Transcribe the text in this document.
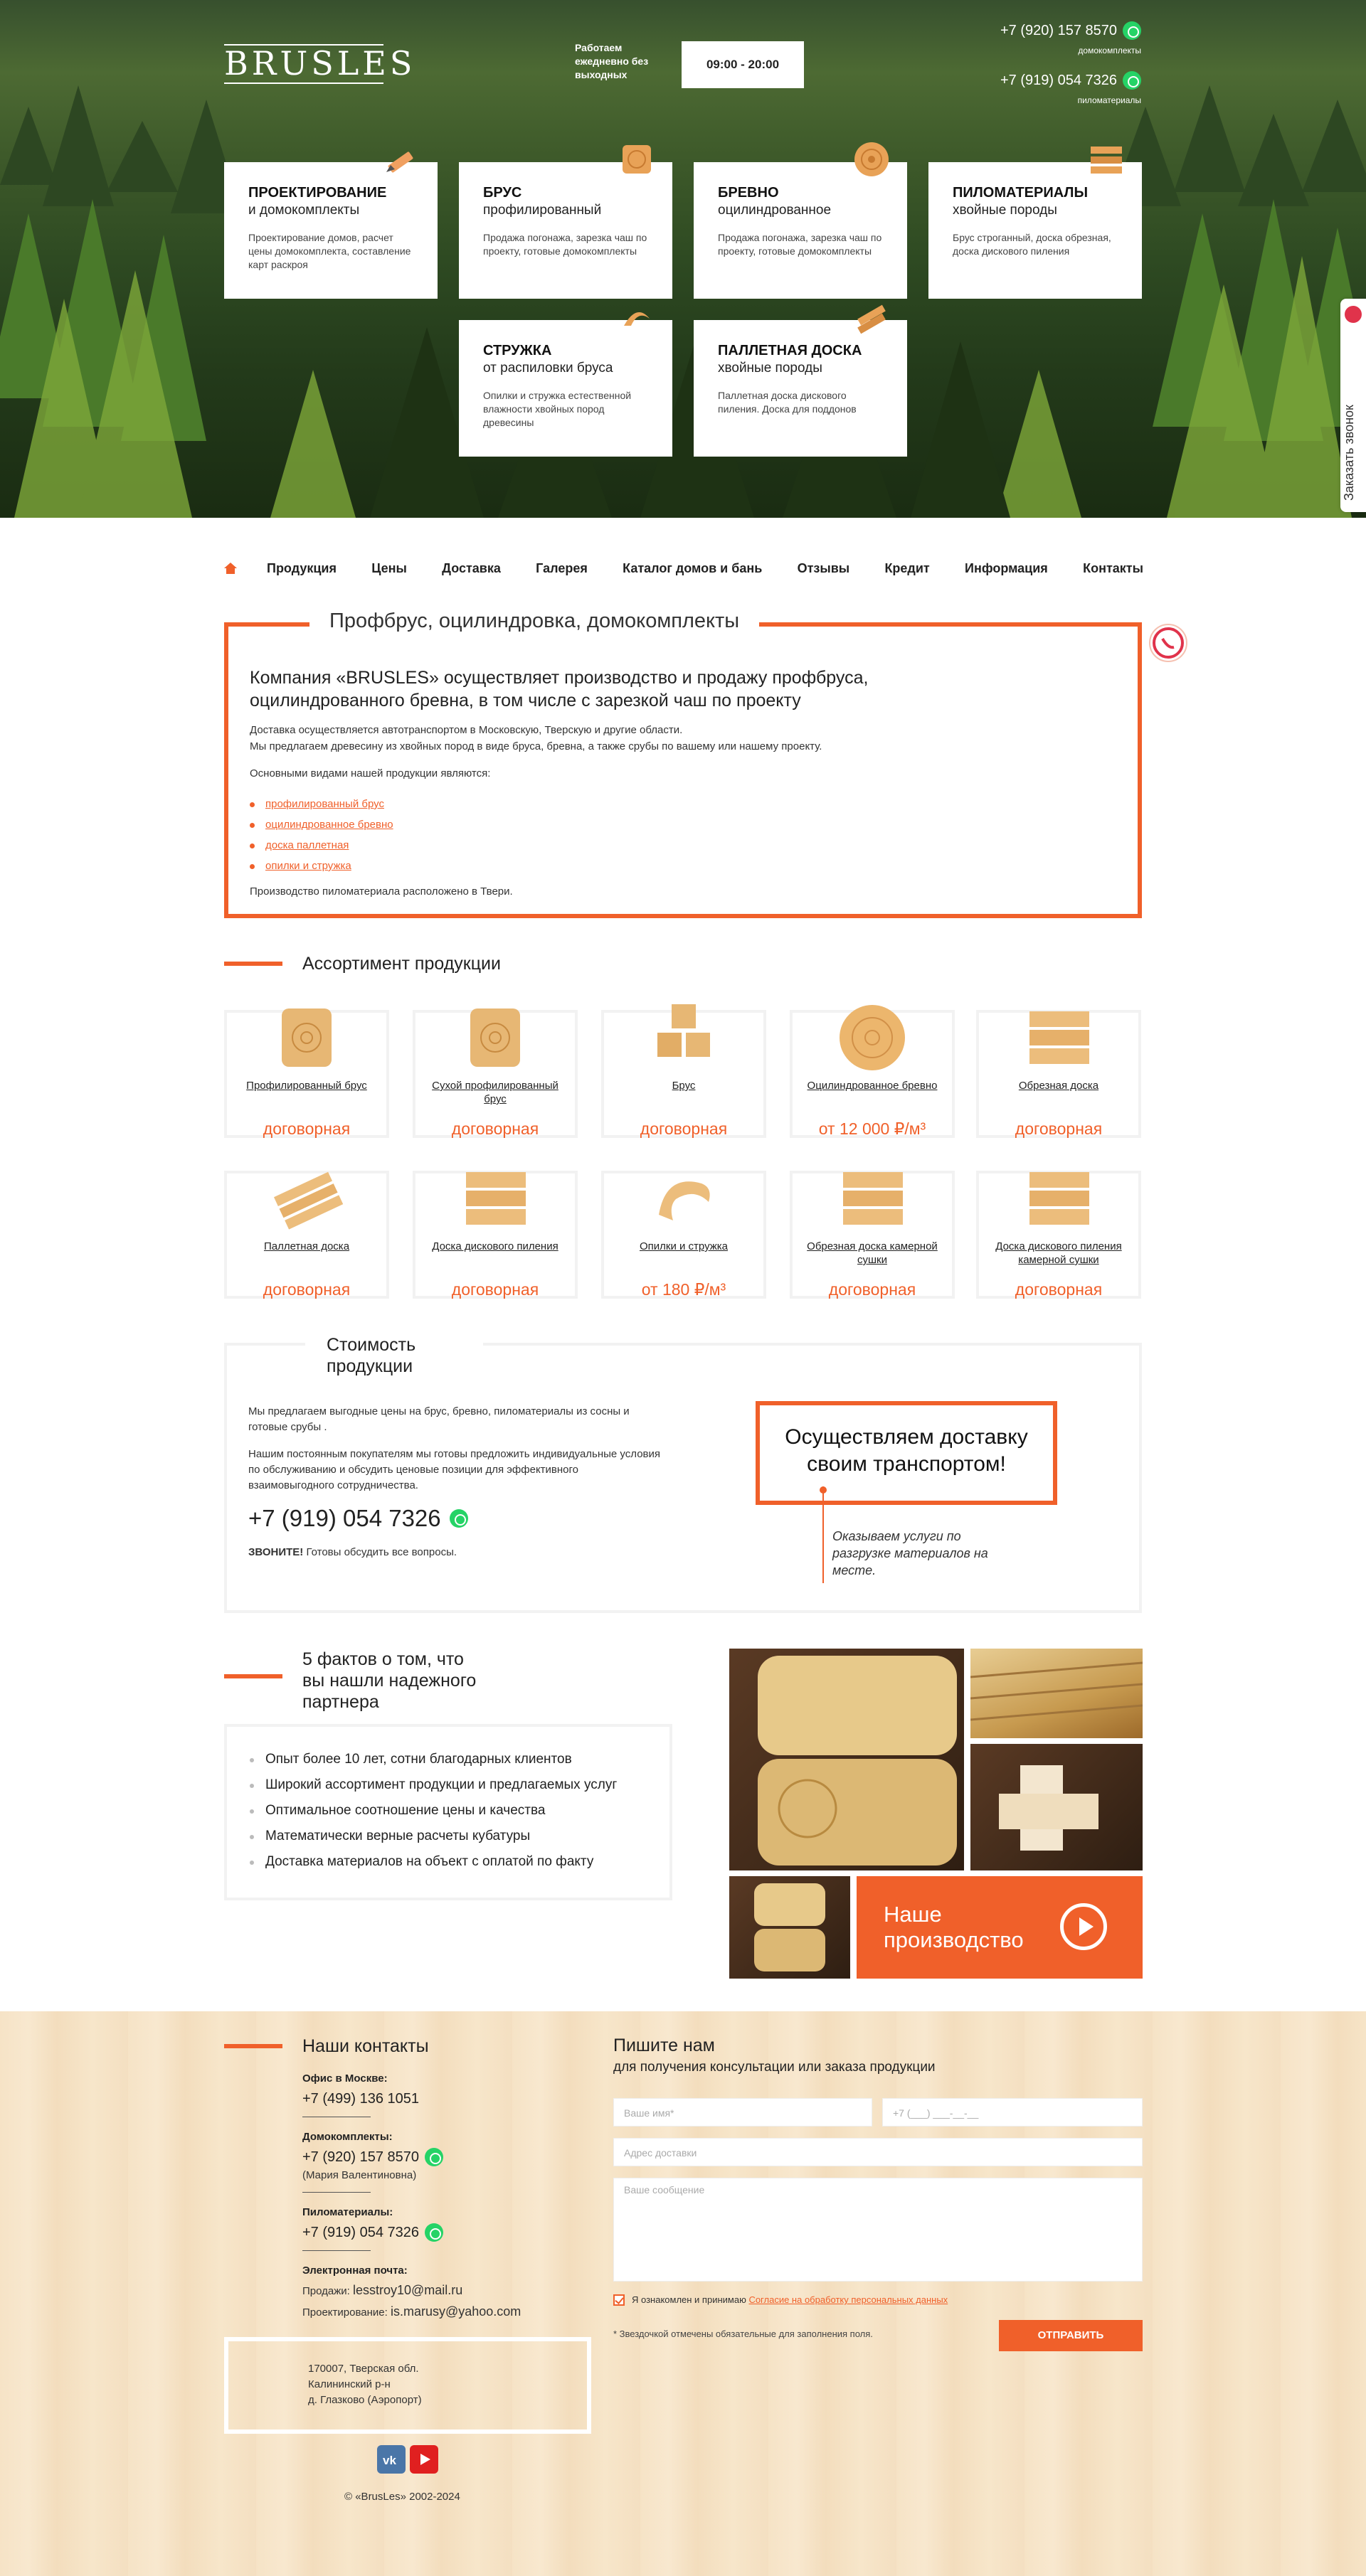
BRUSLES	Работаем ежедневно без выходных
09:00 - 20:00
+7 (920) 157 8570
домокомплекты
+7 (919) 054 7326
пиломатериалы
ПРОЕКТИРОВАНИЕ
и домокомплекты
Проектирование домов, расчет цены домокомплекта, составление карт раскроя
БРУС
профилированный
Продажа погонажа, зарезка чаш по проекту, готовые домокомплекты
БРЕВНО
оцилиндрованное
Продажа погонажа, зарезка чаш по проекту, готовые домокомплекты
ПИЛОМАТЕРИАЛЫ
хвойные породы
Брус строганный, доска обрезная, доска дискового пиления
СТРУЖКА
от распиловки бруса
Опилки и стружка естественной влажности хвойных пород древесины
ПАЛЛЕТНАЯ ДОСКА
хвойные породы
Паллетная доска дискового пиления. Доска для поддонов	Заказать звонок
Продукция	Цены	Доставка	Галерея	Каталог домов и бань	Отзывы	Кредит	Информация	Контакты
Профбрус, оцилиндровка, домокомплекты
Компания «BRUSLES» осуществляет производство и продажу профбруса, оцилиндрованного бревна, в том числе с зарезкой чаш по проекту
Доставка осуществляется автотранспортом в Московскую, Тверскую и другие области.
Мы предлагаем древесину из хвойных пород в виде бруса, бревна, а также срубы по вашему или нашему проекту.
Основными видами нашей продукции являются:
профилированный брус
оцилиндрованное бревно
доска паллетная
опилки и стружка
Производство пиломатериала расположено в Твери.
Ассортимент продукции
Профилированный брус
договорная
Сухой профилированный брус
договорная
Брус
договорная
Оцилиндрованное бревно
от 12 000 ₽/м³
Обрезная доска
договорная
Паллетная доска
договорная
Доска дискового пиления
договорная
Опилки и стружка
от 180 ₽/м³
Обрезная доска камерной сушки
договорная
Доска дискового пиления камерной сушки
договорная
Стоимость продукции
Мы предлагаем выгодные цены на брус, бревно, пиломатериалы из сосны и готовые срубы .
Нашим постоянным покупателям мы готовы предложить индивидуальные условия по обслуживанию и обсудить ценовые позиции для эффективного взаимовыгодного сотрудничества.
+7 (919) 054 7326
ЗВОНИТЕ! Готовы обсудить все вопросы.
Осуществляем доставку своим транспортом!
Оказываем услуги по разгрузке материалов на месте.
5 фактов о том, что вы нашли надежного партнера
Опыт более 10 лет, сотни благодарных клиентов
Широкий ассортимент продукции и предлагаемых услуг
Оптимальное соотношение цены и качества
Математически верные расчеты кубатуры
Доставка материалов на объект с оплатой по факту
Наше производство
Наши контакты
Офис в Москве:
+7 (499) 136 1051
Домокомплекты:
+7 (920) 157 8570
(Мария Валентиновна)
Пиломатериалы:
+7 (919) 054 7326
Электронная почта:
Продажи: lesstroy10@mail.ru
Проектирование: is.marusy@yahoo.com
170007, Тверская обл.
Калининский р-н
д. Глазково (Аэропорт)
vk
© «BrusLes» 2002-2024
Пишите нам
для получения консультации или заказа продукции
Ваше имя*	+7 (___) ___-__-__
Адрес доставки
Ваше сообщение
Я ознакомлен и принимаю Согласие на обработку персональных данных
* Звездочкой отмечены обязательные для заполнения поля.	ОТПРАВИТЬ
